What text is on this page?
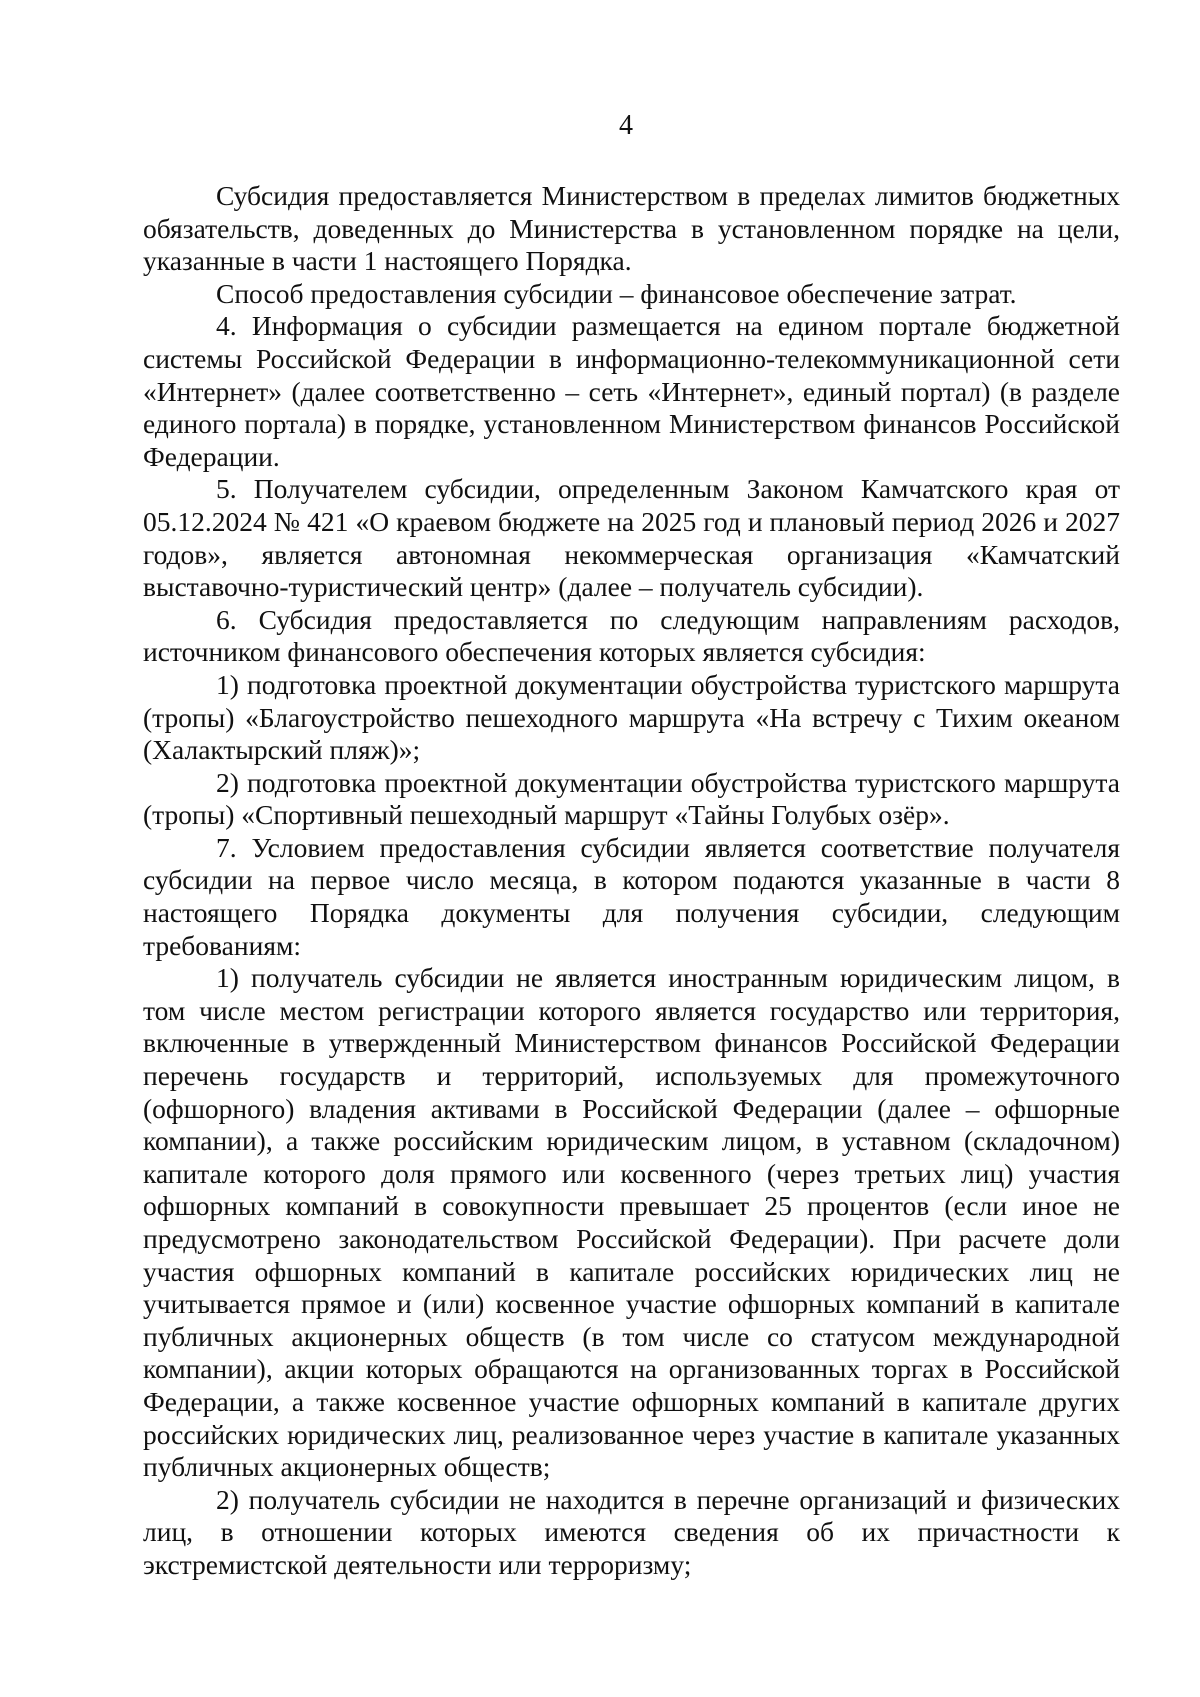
4

Субсидия предоставляется Министерством в пределах лимитов бюджетных обязательств, доведенных до Министерства в установленном порядке на цели, указанные в части 1 настоящего Порядка.

Способ предоставления субсидии – финансовое обеспечение затрат.

4. Информация о субсидии размещается на едином портале бюджетной системы Российской Федерации в информационно-телекоммуникационной сети «Интернет» (далее соответственно – сеть «Интернет», единый портал) (в разделе единого портала) в порядке, установленном Министерством финансов Российской Федерации.

5. Получателем субсидии, определенным Законом Камчатского края от 05.12.2024 № 421 «О краевом бюджете на 2025 год и плановый период 2026 и 2027 годов», является автономная некоммерческая организация «Камчатский выставочно-туристический центр» (далее – получатель субсидии).

6. Субсидия предоставляется по следующим направлениям расходов, источником финансового обеспечения которых является субсидия:

1) подготовка проектной документации обустройства туристского маршрута (тропы) «Благоустройство пешеходного маршрута «На встречу с Тихим океаном (Халактырский пляж)»;

2) подготовка проектной документации обустройства туристского маршрута (тропы) «Спортивный пешеходный маршрут «Тайны Голубых озёр».

7. Условием предоставления субсидии является соответствие получателя субсидии на первое число месяца, в котором подаются указанные в части 8 настоящего Порядка документы для получения субсидии, следующим требованиям:

1) получатель субсидии не является иностранным юридическим лицом, в том числе местом регистрации которого является государство или территория, включенные в утвержденный Министерством финансов Российской Федерации перечень государств и территорий, используемых для промежуточного (офшорного) владения активами в Российской Федерации (далее – офшорные компании), а также российским юридическим лицом, в уставном (складочном) капитале которого доля прямого или косвенного (через третьих лиц) участия офшорных компаний в совокупности превышает 25 процентов (если иное не предусмотрено законодательством Российской Федерации). При расчете доли участия офшорных компаний в капитале российских юридических лиц не учитывается прямое и (или) косвенное участие офшорных компаний в капитале публичных акционерных обществ (в том числе со статусом международной компании), акции которых обращаются на организованных торгах в Российской Федерации, а также косвенное участие офшорных компаний в капитале других российских юридических лиц, реализованное через участие в капитале указанных публичных акционерных обществ;

2) получатель субсидии не находится в перечне организаций и физических лиц, в отношении которых имеются сведения об их причастности к экстремистской деятельности или терроризму;
